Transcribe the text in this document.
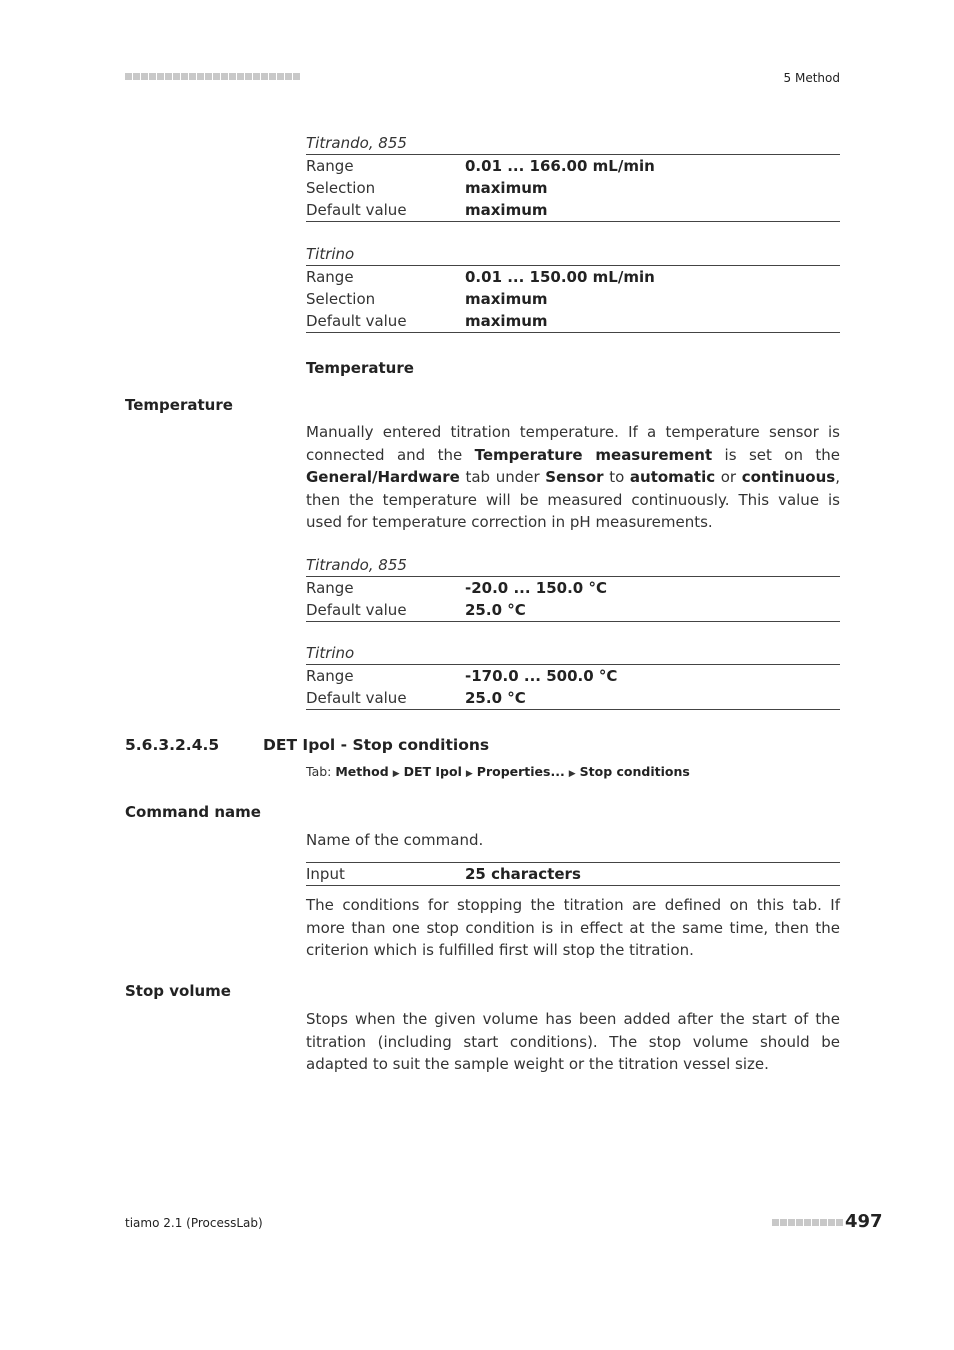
5 Method
Titrando, 855
Range	0.01 ... 166.00 mL/min
Selection	maximum
Default value	maximum
Titrino
Range	0.01 ... 150.00 mL/min
Selection	maximum
Default value	maximum
Temperature
Temperature
Manually entered titration temperature. If a temperature sensor is connected and the Temperature measurement is set on the General/Hardware tab under Sensor to automatic or continuous, then the temperature will be measured continuously. This value is used for temperature correction in pH measurements.
Titrando, 855
Range	-20.0 ... 150.0 °C
Default value	25.0 °C
Titrino
Range	-170.0 ... 500.0 °C
Default value	25.0 °C
5.6.3.2.4.5	DET Ipol - Stop conditions
Tab: Method ▶ DET Ipol ▶ Properties... ▶ Stop conditions
Command name
Name of the command.
Input	25 characters
The conditions for stopping the titration are defined on this tab. If more than one stop condition is in effect at the same time, then the criterion which is fulfilled first will stop the titration.
Stop volume
Stops when the given volume has been added after the start of the titration (including start conditions). The stop volume should be adapted to suit the sample weight or the titration vessel size.
tiamo 2.1 (ProcessLab)	497
